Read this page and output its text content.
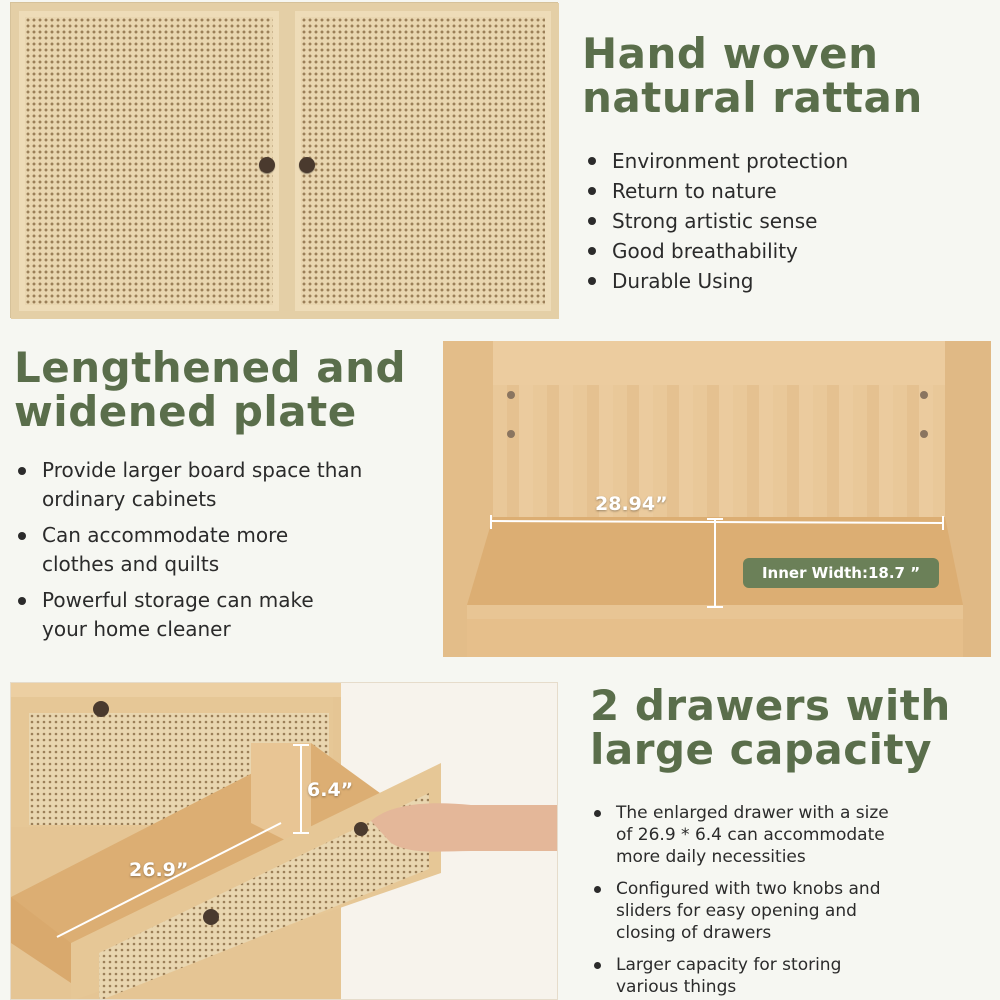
Hand woven
natural rattan
Environment protection
Return to nature
Strong artistic sense
Good breathability
Durable Using
Lengthened and
widened plate
Provide larger board space than
ordinary cabinets
Can accommodate more
clothes and quilts
Powerful storage can make
your home cleaner
28.94”
Inner Width:18.7 ”
6.4”
26.9”
2 drawers with
large capacity
The enlarged drawer with a size
of 26.9 * 6.4 can accommodate
more daily necessities
Configured with two knobs and
sliders for easy opening and
closing of drawers
Larger capacity for storing
various things
